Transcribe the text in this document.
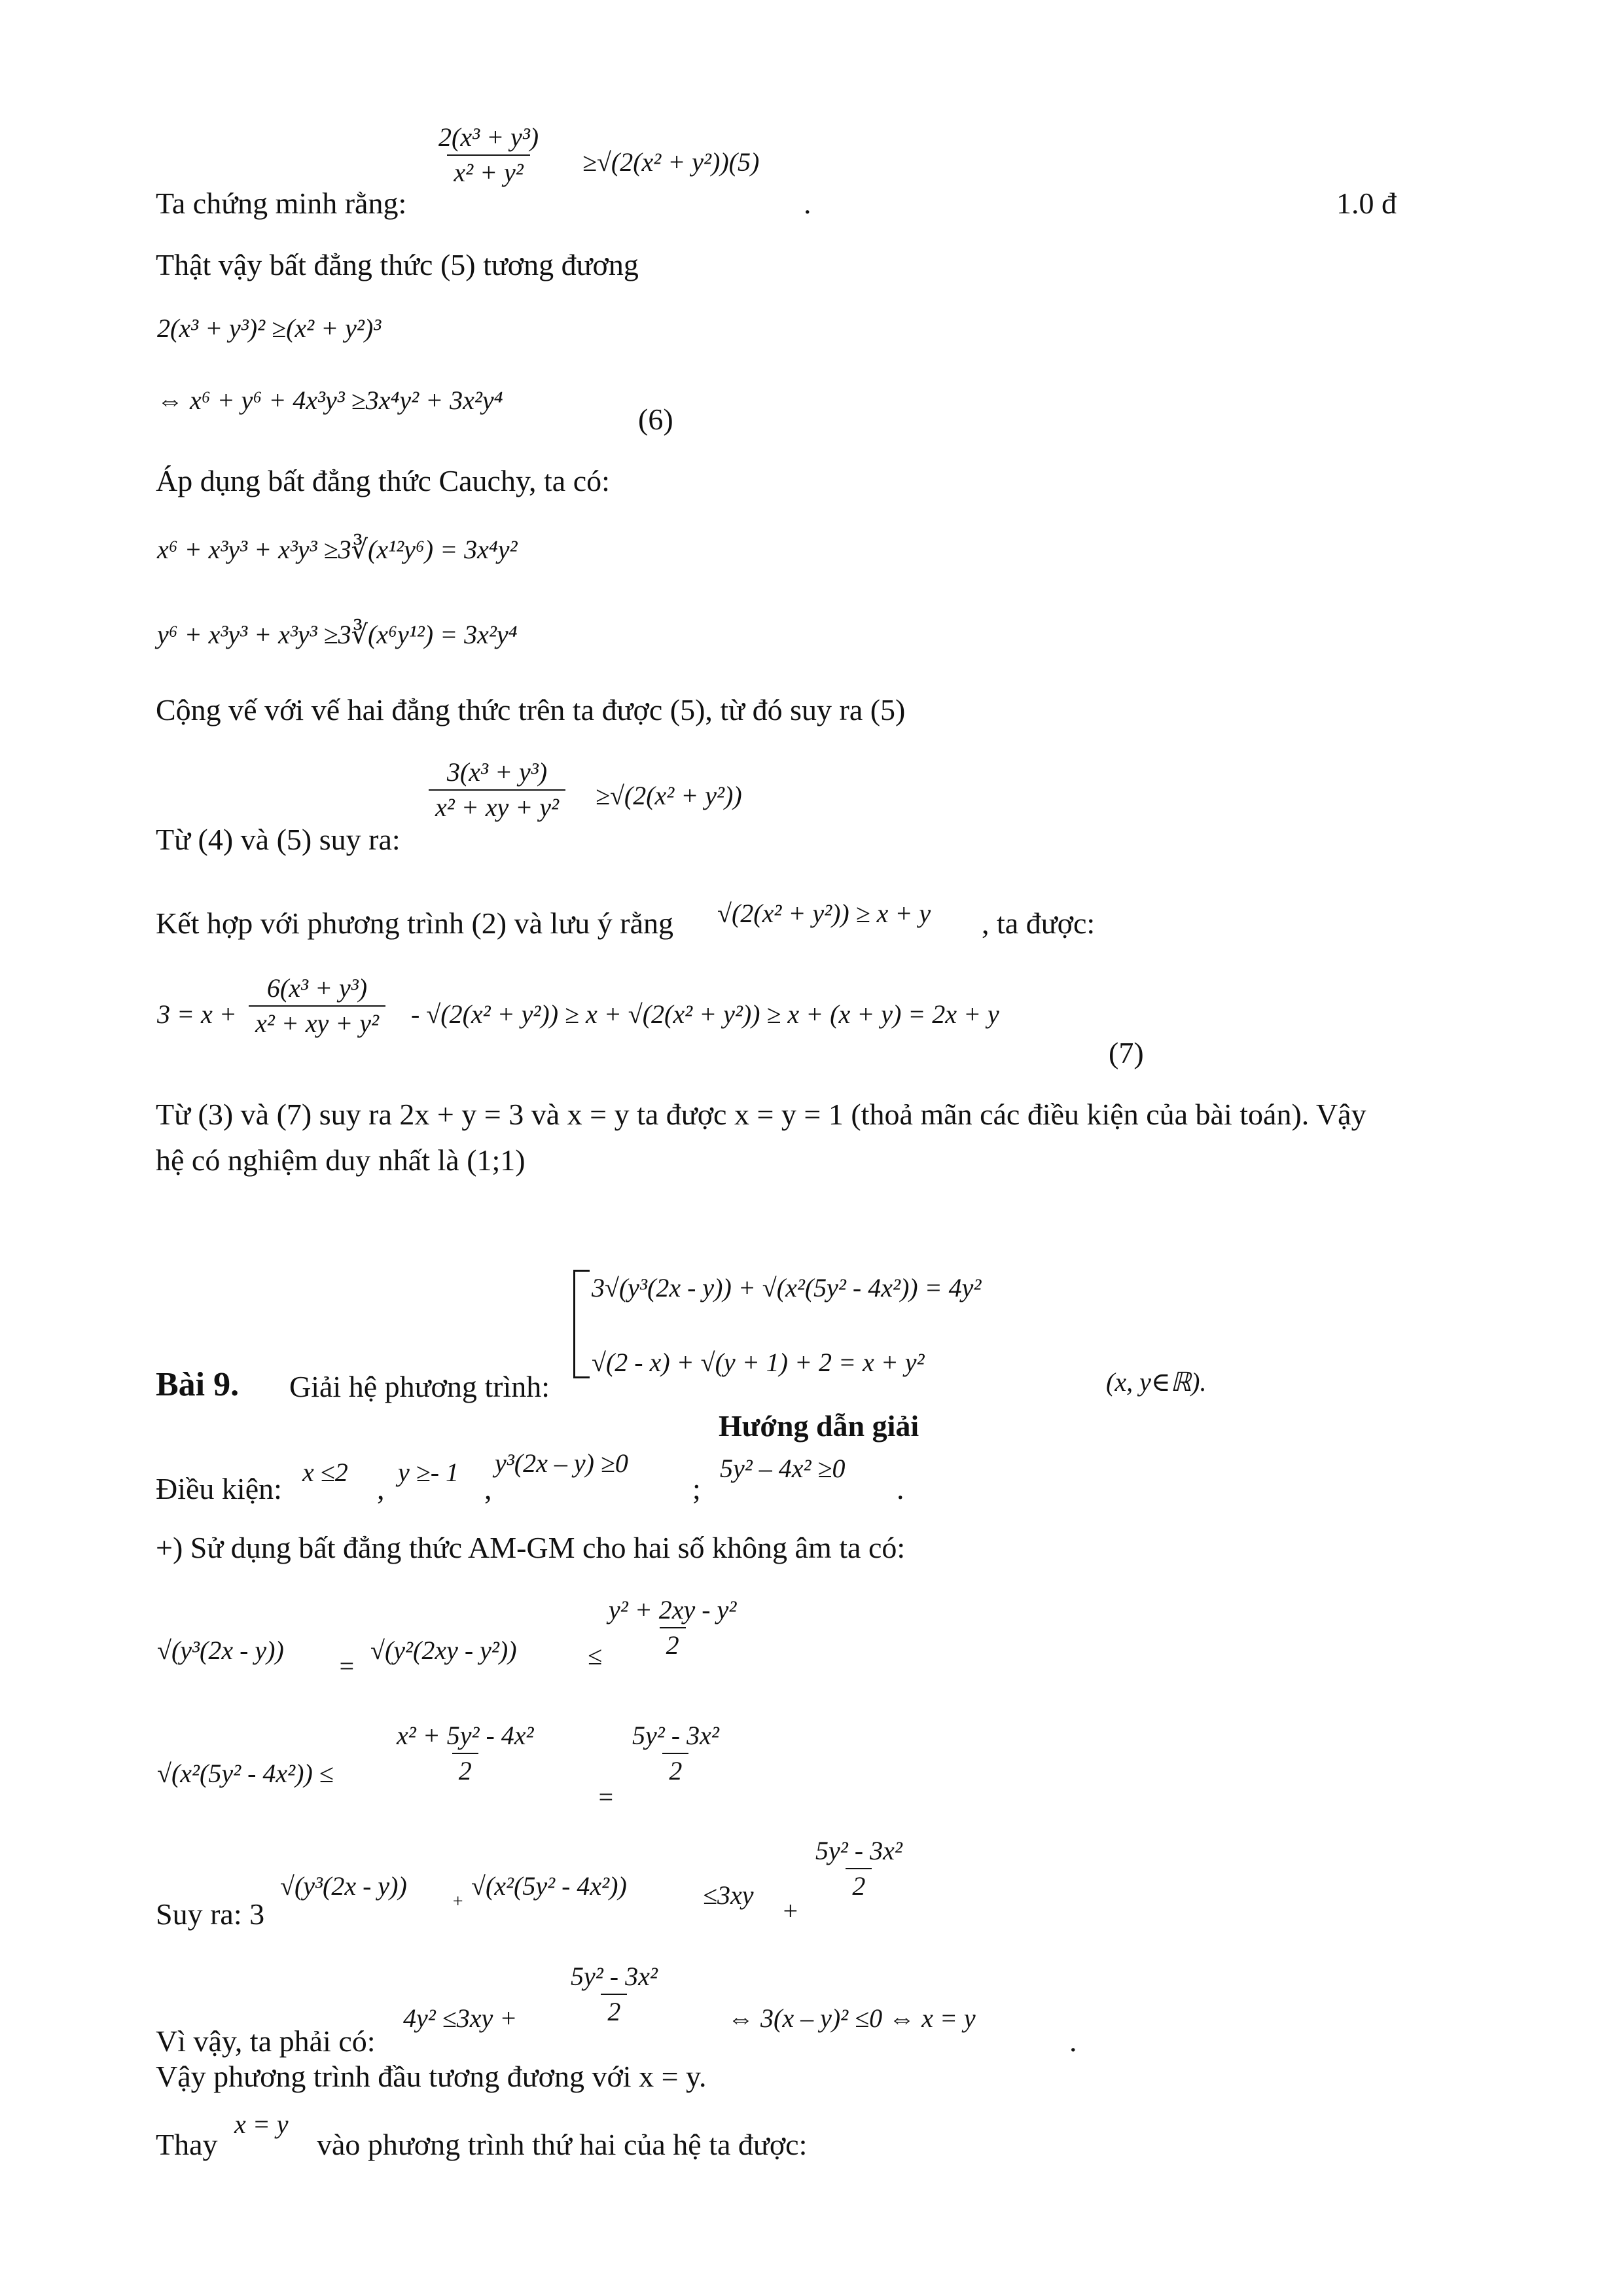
Ta chứng minh rằng:
$\frac{\text{2(x³ + y³)}}{\text{x² + y²}} \ge√(2(x^2 + y^2))(5)$
.	1.0 đ
Thật vậy bất đẳng thức (5) tương đương
2(x³ + y³)² ≥(x² + y²)³
⇔ x⁶ + y⁶ + 4x³y³ ≥3x⁴y² + 3x²y⁴
(6)
Áp dụng bất đẳng thức Cauchy, ta có:
x⁶ + x³y³ + x³y³ ≥3∛(x¹²y⁶) = 3x⁴y²
y⁶ + x³y³ + x³y³ ≥3∛(x⁶y¹²) = 3x²y⁴
Cộng vế với vế hai đẳng thức trên ta được (5), từ đó suy ra (5)
Từ (4) và (5) suy ra:
$\frac{\text{3(x³ + y³)}}{\text{x² + xy + y²}} \ge√(2(x^2 + y^2))$
Kết hợp với phương trình (2) và lưu ý rằng √(2(x² + y²)) ≥ x + y , ta được:
$3 = x + \frac{\text{6(x³ + y³)}}{\text{x² + xy + y²}} - √(2(x^2 + y^2)) \ge x + √(2(x^2 + y^2)) \ge x + (x + y) = 2x + y$
(7)
Từ (3) và (7) suy ra 2x + y = 3 và x = y ta được x = y = 1 (thoả mãn các điều kiện của bài toán). Vậy
hệ có nghiệm duy nhất là (1;1)
3√(y³(2x - y)) + √(x²(5y² - 4x²)) = 4y²
√(2 - x) + √(y + 1) + 2 = x + y²
Bài 9. Giải hệ phương trình:	(x, y∈ℝ).
Hướng dẫn giải
Điều kiện: x ≤2 , y ≥- 1 ,
y³(2x – y) ≥0
;
5y² – 4x² ≥0
.
+) Sử dụng bất đẳng thức AM-GM cho hai số không âm ta có:
√(y³(2x - y))
=
√(y²(2xy - y²))	≤ $\frac{\text{y² + 2xy - y²}}{2}$
$√(x^2(5y^2 - 4x^2)) \le \frac{\text{x² + 5y² - 4x²}}{2}$
=
$\frac{\text{5y² - 3x²}}{2}$
Suy ra: 3
√(y³(2x - y))
+
√(x²(5y² - 4x²))	≤3xy
+
$\frac{\text{5y² - 3x²}}{2}$
Vì vậy, ta phải có:
$4y^2 \le 3xy + \frac{\text{5y² - 3x²}}{2}$ ⇔ 3(x – y)² ≤0 ⇔ x = y
.
Vậy phương trình đầu tương đương với x = y.
Thay
x = y
vào phương trình thứ hai của hệ ta được:
